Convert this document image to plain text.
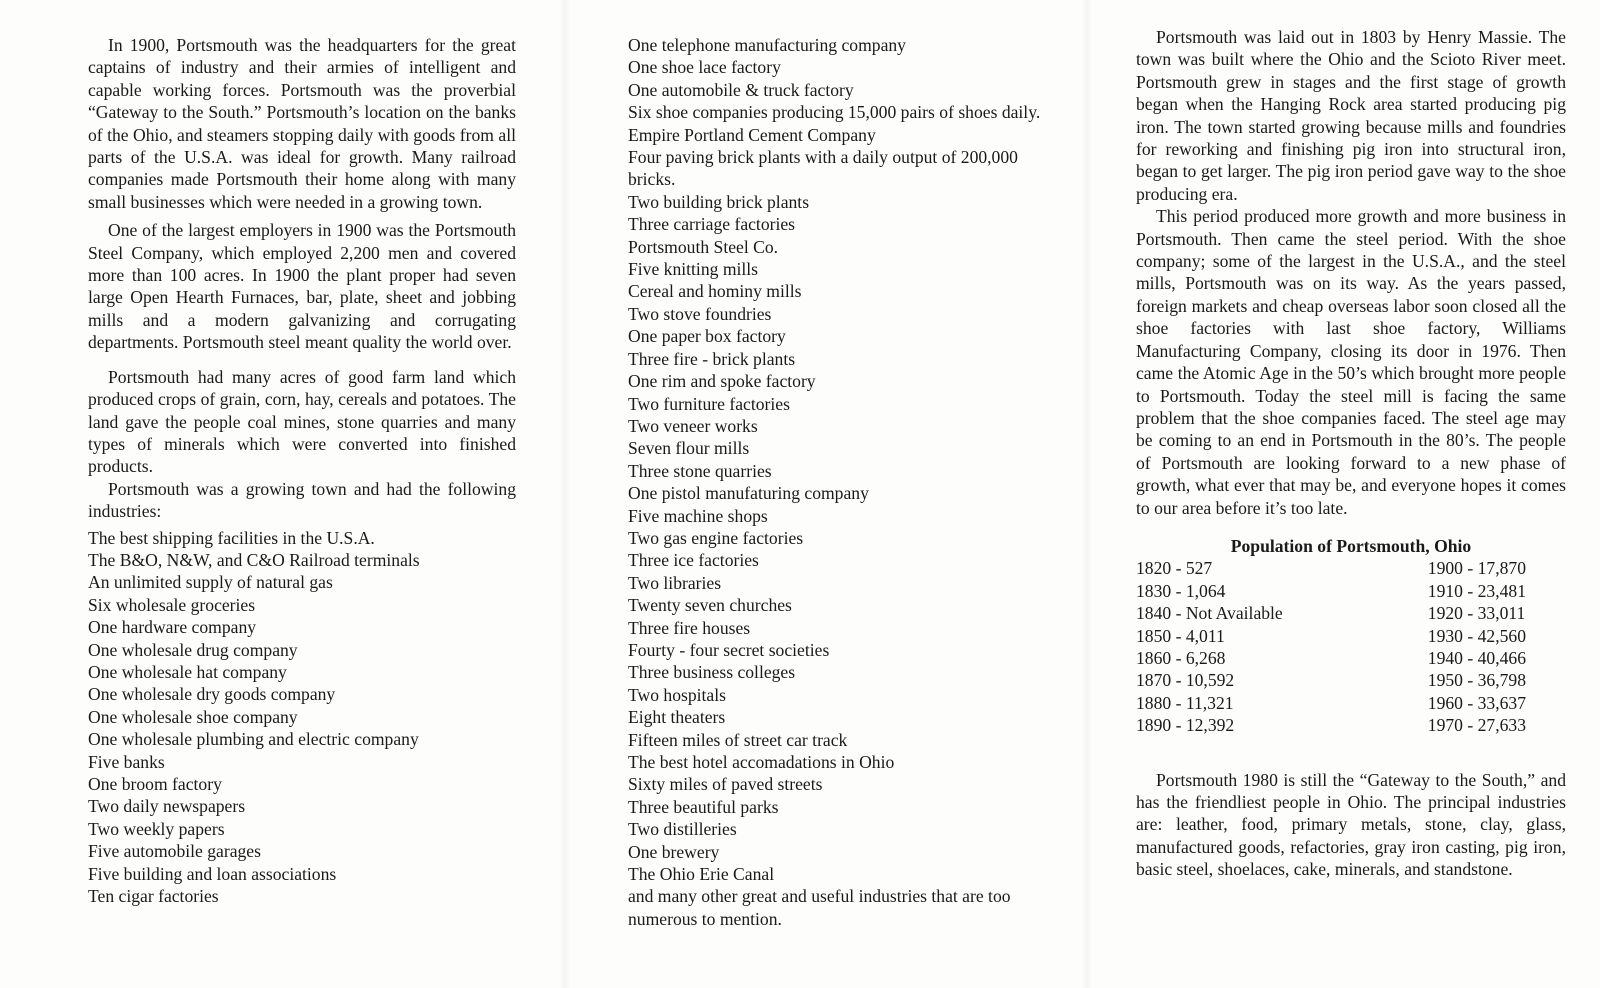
In 1900, Portsmouth was the headquarters for the great captains of industry and their armies of intelligent and capable working forces. Portsmouth was the proverbial “Gateway to the South.” Portsmouth’s location on the banks of the Ohio, and steamers stopping daily with goods from all parts of the U.S.A. was ideal for growth. Many railroad companies made Portsmouth their home along with many small businesses which were needed in a growing town.

One of the largest employers in 1900 was the Portsmouth Steel Company, which employed 2,200 men and covered more than 100 acres. In 1900 the plant proper had seven large Open Hearth Furnaces, bar, plate, sheet and jobbing mills and a modern galvanizing and corrugating departments. Portsmouth steel meant quality the world over.

Portsmouth had many acres of good farm land which produced crops of grain, corn, hay, cereals and potatoes. The land gave the people coal mines, stone quarries and many types of minerals which were converted into finished products.

Portsmouth was a growing town and had the following industries:

The best shipping facilities in the U.S.A.
The B&O, N&W, and C&O Railroad terminals
An unlimited supply of natural gas
Six wholesale groceries
One hardware company
One wholesale drug company
One wholesale hat company
One wholesale dry goods company
One wholesale shoe company
One wholesale plumbing and electric company
Five banks
One broom factory
Two daily newspapers
Two weekly papers
Five automobile garages
Five building and loan associations
Ten cigar factories
One telephone manufacturing company
One shoe lace factory
One automobile & truck factory
Six shoe companies producing 15,000 pairs of shoes daily.
Empire Portland Cement Company
Four paving brick plants with a daily output of 200,000 bricks.
Two building brick plants
Three carriage factories
Portsmouth Steel Co.
Five knitting mills
Cereal and hominy mills
Two stove foundries
One paper box factory
Three fire - brick plants
One rim and spoke factory
Two furniture factories
Two veneer works
Seven flour mills
Three stone quarries
One pistol manufaturing company
Five machine shops
Two gas engine factories
Three ice factories
Two libraries
Twenty seven churches
Three fire houses
Fourty - four secret societies
Three business colleges
Two hospitals
Eight theaters
Fifteen miles of street car track
The best hotel accomadations in Ohio
Sixty miles of paved streets
Three beautiful parks
Two distilleries
One brewery
The Ohio Erie Canal
and many other great and useful industries that are too numerous to mention.

Portsmouth was laid out in 1803 by Henry Massie. The town was built where the Ohio and the Scioto River meet. Portsmouth grew in stages and the first stage of growth began when the Hanging Rock area started producing pig iron. The town started growing because mills and foundries for reworking and finishing pig iron into structural iron, began to get larger. The pig iron period gave way to the shoe producing era.

This period produced more growth and more business in Portsmouth. Then came the steel period. With the shoe company; some of the largest in the U.S.A., and the steel mills, Portsmouth was on its way. As the years passed, foreign markets and cheap overseas labor soon closed all the shoe factories with last shoe factory, Williams Manufacturing Company, closing its door in 1976. Then came the Atomic Age in the 50’s which brought more people to Portsmouth. Today the steel mill is facing the same problem that the shoe companies faced. The steel age may be coming to an end in Portsmouth in the 80’s. The people of Portsmouth are looking forward to a new phase of growth, what ever that may be, and everyone hopes it comes to our area before it’s too late.

Population of Portsmouth, Ohio
1820 - 527
1830 - 1,064
1840 - Not Available
1850 - 4,011
1860 - 6,268
1870 - 10,592
1880 - 11,321
1890 - 12,392
1900 - 17,870
1910 - 23,481
1920 - 33,011
1930 - 42,560
1940 - 40,466
1950 - 36,798
1960 - 33,637
1970 - 27,633

Portsmouth 1980 is still the “Gateway to the South,” and has the friendliest people in Ohio. The principal industries are: leather, food, primary metals, stone, clay, glass, manufactured goods, refactories, gray iron casting, pig iron, basic steel, shoelaces, cake, minerals, and standstone.
